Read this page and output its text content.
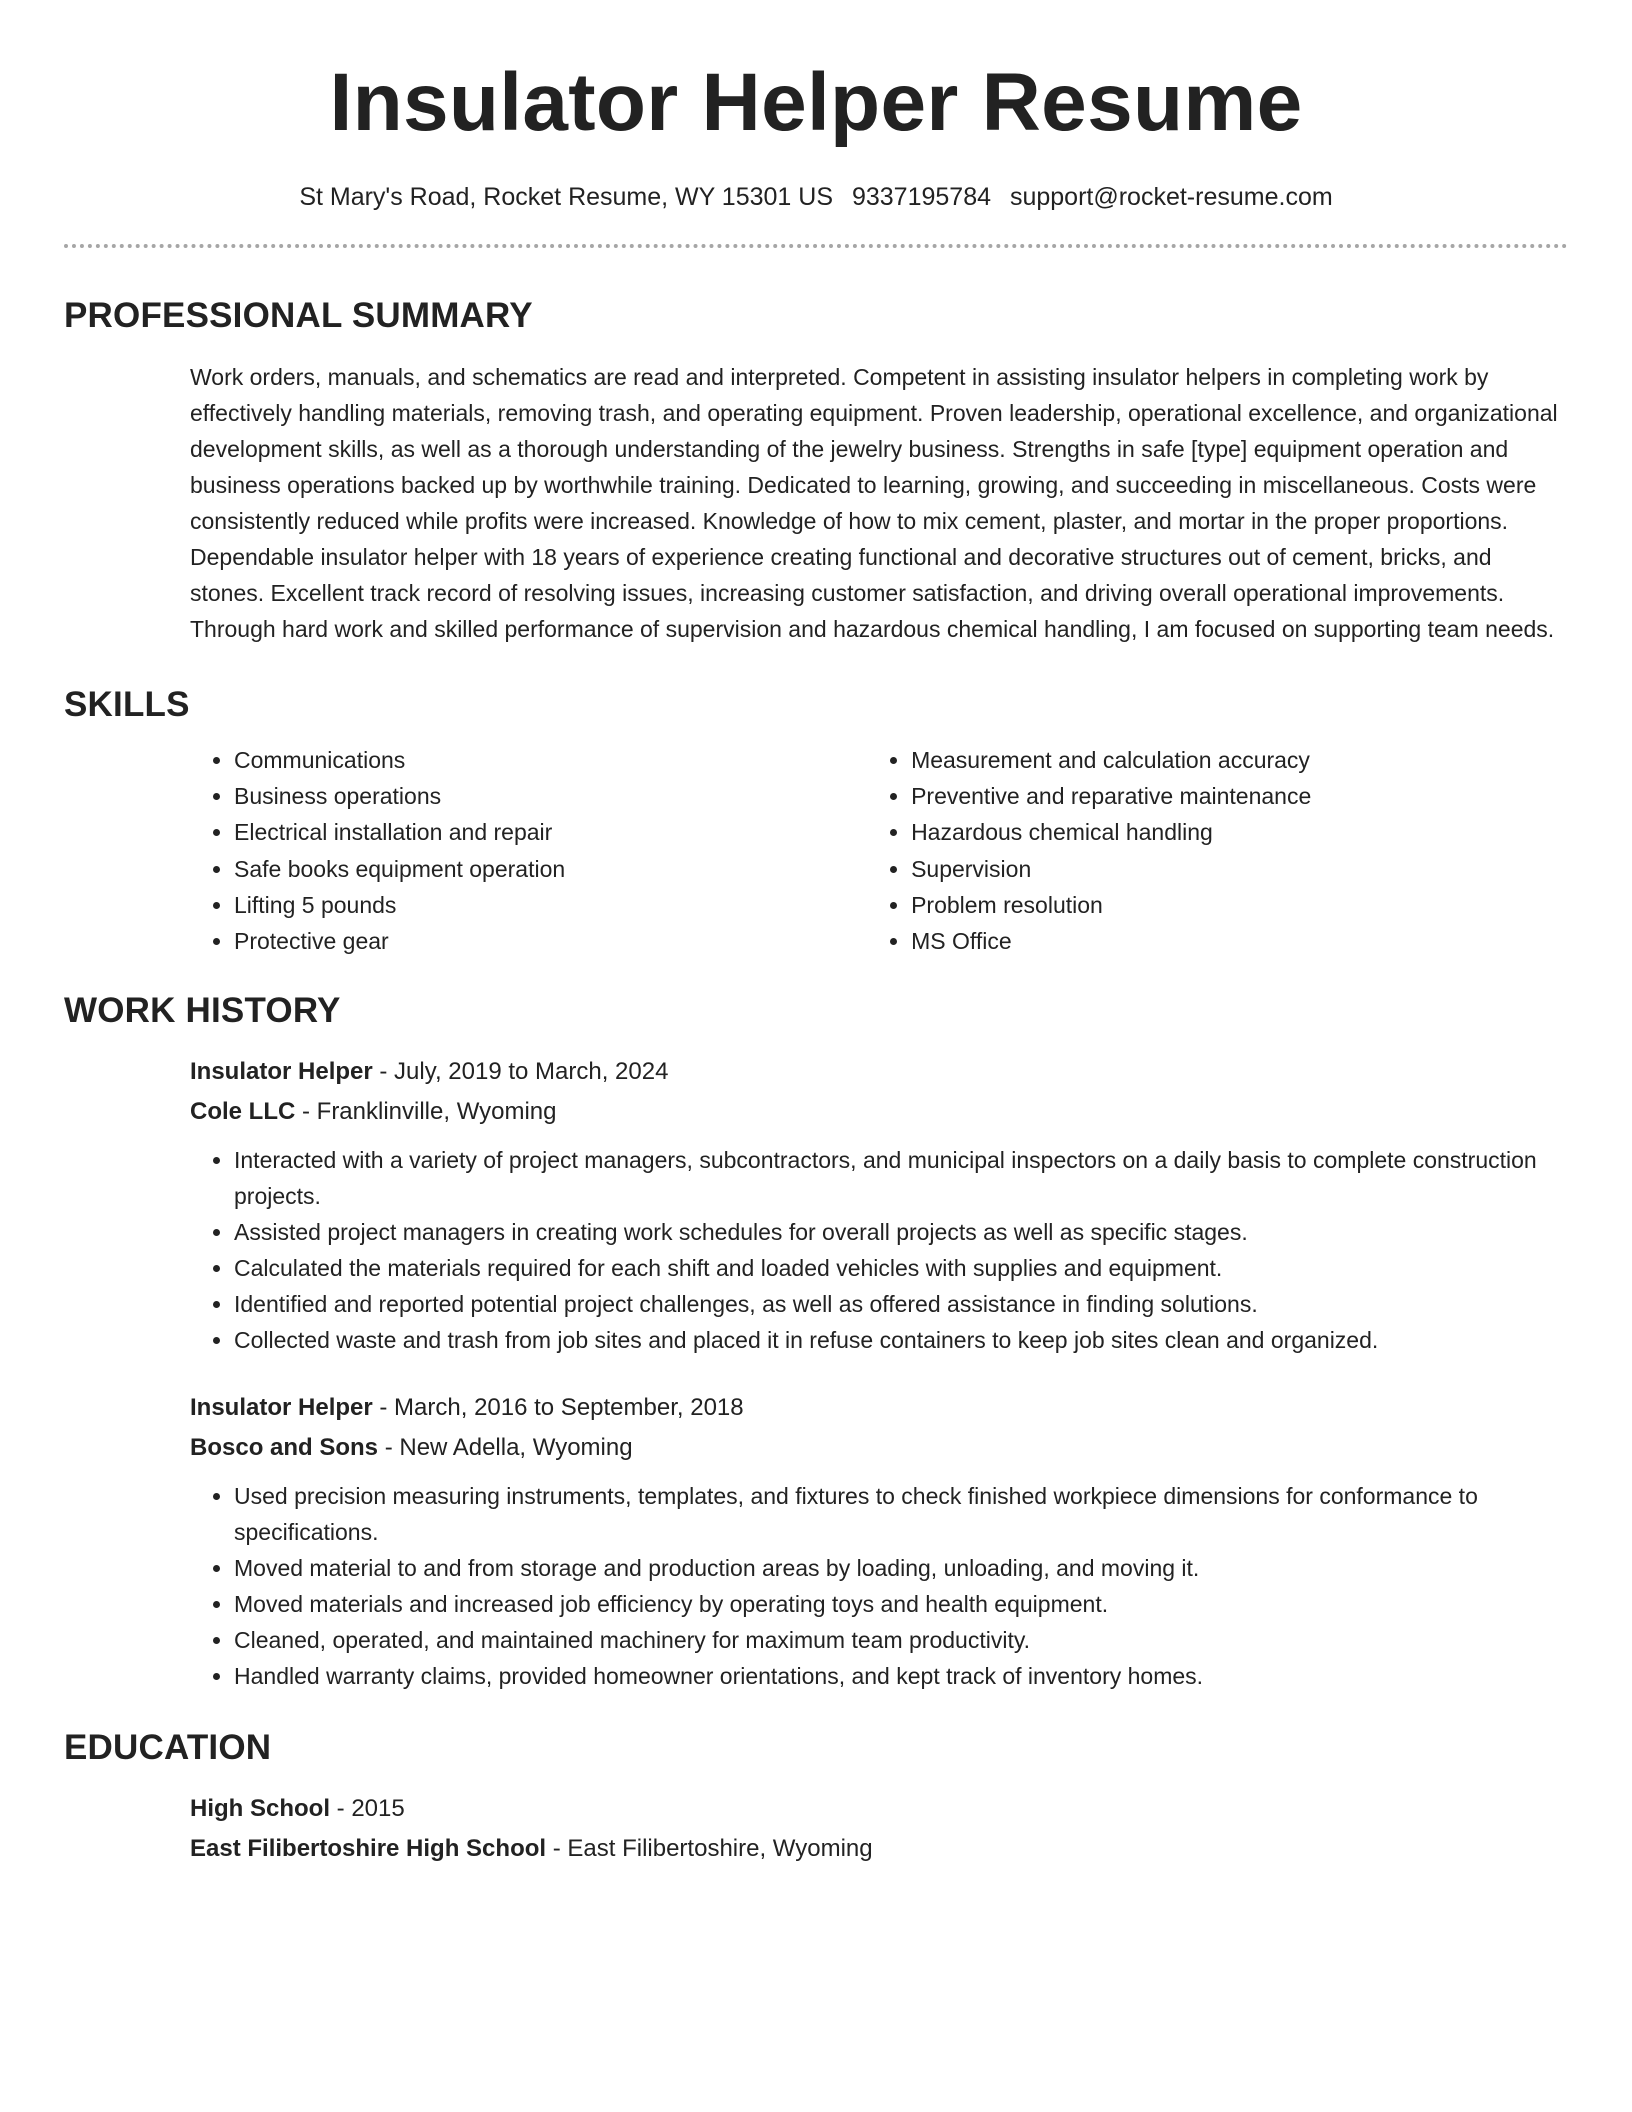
Insulator Helper Resume
St Mary's Road, Rocket Resume, WY 15301 US 9337195784 support@rocket-resume.com
PROFESSIONAL SUMMARY

Work orders, manuals, and schematics are read and interpreted. Competent in assisting insulator helpers in completing work by effectively handling materials, removing trash, and operating equipment. Proven leadership, operational excellence, and organizational development skills, as well as a thorough understanding of the jewelry business. Strengths in safe [type] equipment operation and business operations backed up by worthwhile training. Dedicated to learning, growing, and succeeding in miscellaneous. Costs were consistently reduced while profits were increased. Knowledge of how to mix cement, plaster, and mortar in the proper proportions. Dependable insulator helper with 18 years of experience creating functional and decorative structures out of cement, bricks, and stones. Excellent track record of resolving issues, increasing customer satisfaction, and driving overall operational improvements. Through hard work and skilled performance of supervision and hazardous chemical handling, I am focused on supporting team needs.

SKILLS
• Communications
• Business operations
• Electrical installation and repair
• Safe books equipment operation
• Lifting 5 pounds
• Protective gear
• Measurement and calculation accuracy
• Preventive and reparative maintenance
• Hazardous chemical handling
• Supervision
• Problem resolution
• MS Office
WORK HISTORY
Insulator Helper - July, 2019 to March, 2024
Cole LLC - Franklinville, Wyoming
• Interacted with a variety of project managers, subcontractors, and municipal inspectors on a daily basis to complete construction projects.
• Assisted project managers in creating work schedules for overall projects as well as specific stages.
• Calculated the materials required for each shift and loaded vehicles with supplies and equipment.
• Identified and reported potential project challenges, as well as offered assistance in finding solutions.
• Collected waste and trash from job sites and placed it in refuse containers to keep job sites clean and organized.
Insulator Helper - March, 2016 to September, 2018
Bosco and Sons - New Adella, Wyoming
• Used precision measuring instruments, templates, and fixtures to check finished workpiece dimensions for conformance to specifications.
• Moved material to and from storage and production areas by loading, unloading, and moving it.
• Moved materials and increased job efficiency by operating toys and health equipment.
• Cleaned, operated, and maintained machinery for maximum team productivity.
• Handled warranty claims, provided homeowner orientations, and kept track of inventory homes.
EDUCATION
High School - 2015
East Filibertoshire High School - East Filibertoshire, Wyoming
